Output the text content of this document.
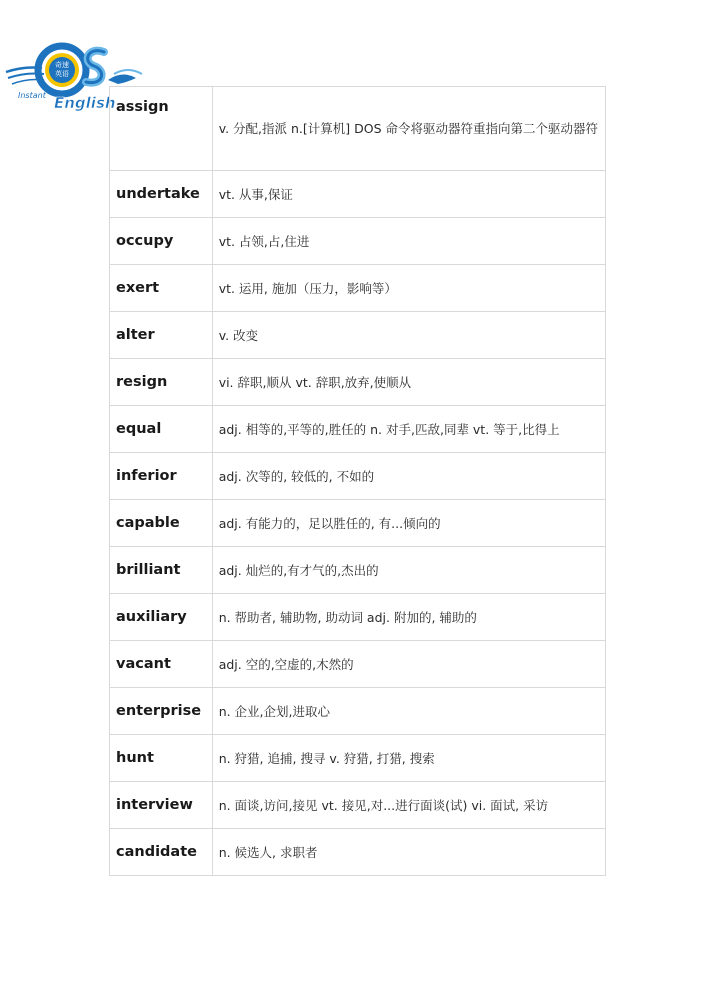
奇速
英语
Instant English assign	v. 分配,指派 n.[计算机] DOS 命令将驱动器符重指向第二个驱动器符
undertake	vt. 从事,保证
occupy	vt. 占领,占,住进
exert	vt. 运用, 施加（压力，影响等）
alter	v. 改变
resign	vi. 辞职,顺从 vt. 辞职,放弃,使顺从
equal	adj. 相等的,平等的,胜任的 n. 对手,匹敌,同辈 vt. 等于,比得上
inferior	adj. 次等的, 较低的, 不如的
capable	adj. 有能力的，足以胜任的, 有...倾向的
brilliant	adj. 灿烂的,有才气的,杰出的
auxiliary	n. 帮助者, 辅助物, 助动词 adj. 附加的, 辅助的
vacant	adj. 空的,空虚的,木然的
enterprise	n. 企业,企划,进取心
hunt	n. 狩猎, 追捕, 搜寻 v. 狩猎, 打猎, 搜索
interview	n. 面谈,访问,接见 vt. 接见,对...进行面谈(试) vi. 面试, 采访
candidate	n. 候选人, 求职者
